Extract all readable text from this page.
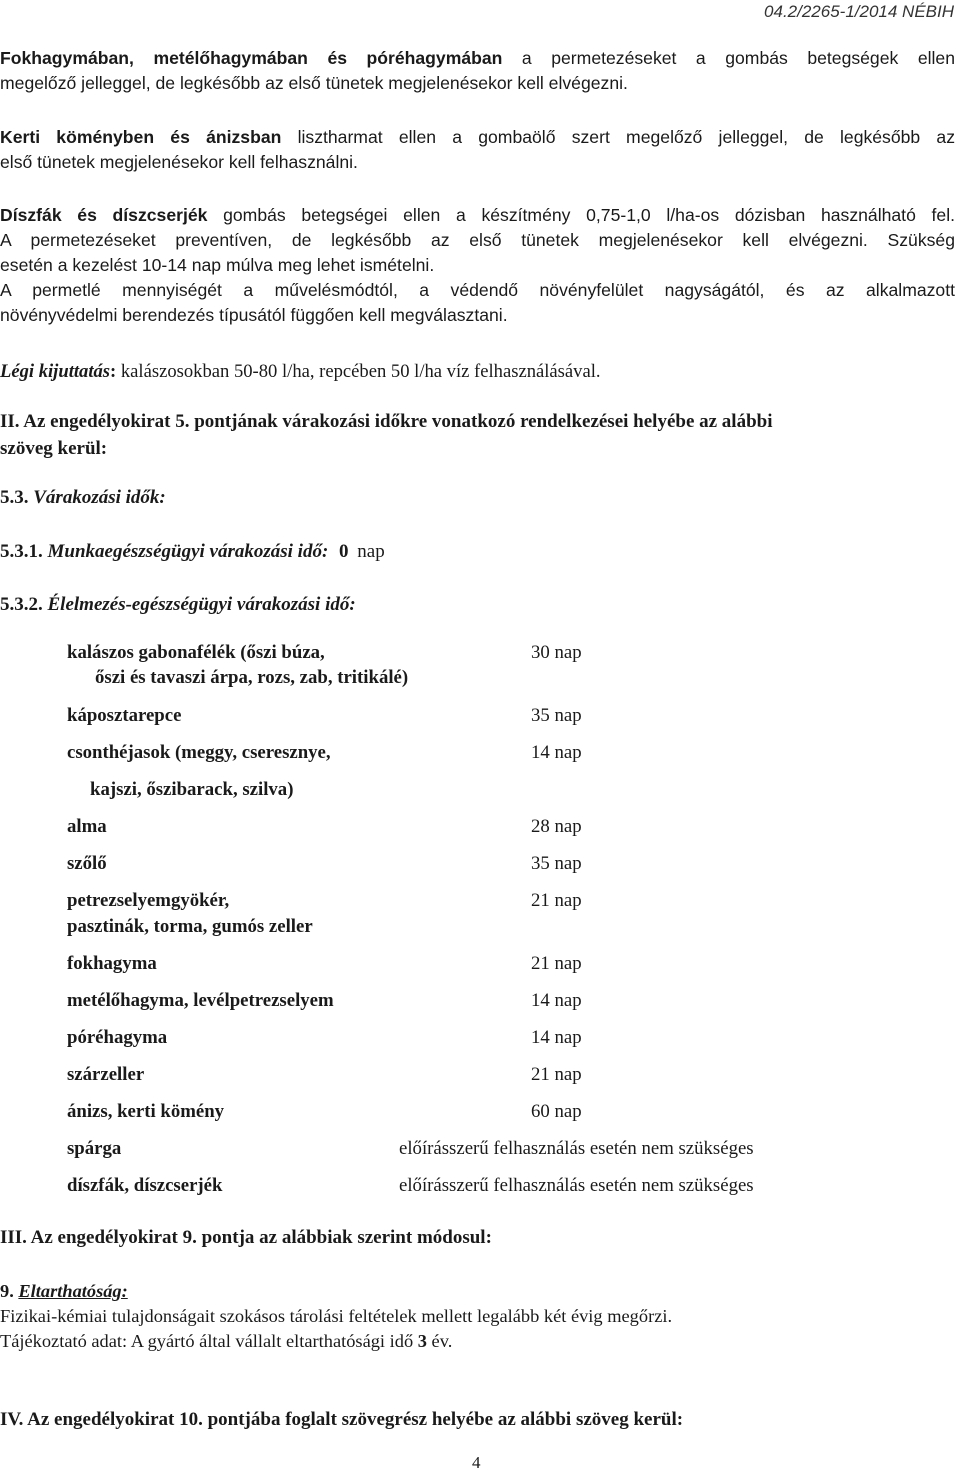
04.2/2265-1/2014 NÉBIH
Fokhagymában, metélőhagymában és póréhagymában a permetezéseket a gombás betegségek ellen
megelőző jelleggel, de legkésőbb az első tünetek megjelenésekor kell elvégezni.
Kerti köményben és ánizsban lisztharmat ellen a gombaölő szert megelőző jelleggel, de legkésőbb az
első tünetek megjelenésekor kell felhasználni.
Díszfák és díszcserjék gombás betegségei ellen a készítmény 0,75-1,0 l/ha-os dózisban használható fel.
A permetezéseket preventíven, de legkésőbb az első tünetek megjelenésekor kell elvégezni. Szükség
esetén a kezelést 10-14 nap múlva meg lehet ismételni.
A permetlé mennyiségét a művelésmódtól, a védendő növényfelület nagyságától, és az alkalmazott
növényvédelmi berendezés típusától függően kell megválasztani.
Légi kijuttatás: kalászosokban 50-80 l/ha, repcében 50 l/ha víz felhasználásával.
II. Az engedélyokirat 5. pontjának várakozási időkre vonatkozó rendelkezései helyébe az alábbi
szöveg kerül:
5.3. Várakozási idők:
5.3.1. Munkaegészségügyi várakozási idő: 0 nap
5.3.2. Élelmezés-egészségügyi várakozási idő:
kalászos gabonafélék (őszi búza,	30 nap
őszi és tavaszi árpa, rozs, zab, tritikálé)
káposztarepce	35 nap
csonthéjasok (meggy, cseresznye,	14 nap
kajszi, őszibarack, szilva)
alma	28 nap
szőlő	35 nap
petrezselyemgyökér,	21 nap
pasztinák, torma, gumós zeller
fokhagyma	21 nap
metélőhagyma, levélpetrezselyem	14 nap
póréhagyma	14 nap
szárzeller	21 nap
ánizs, kerti kömény	60 nap
spárga	előírásszerű felhasználás esetén nem szükséges
díszfák, díszcserjék	előírásszerű felhasználás esetén nem szükséges
III. Az engedélyokirat 9. pontja az alábbiak szerint módosul:
9. Eltarthatóság:
Fizikai-kémiai tulajdonságait szokásos tárolási feltételek mellett legalább két évig megőrzi.
Tájékoztató adat: A gyártó által vállalt eltarthatósági idő 3 év.
IV. Az engedélyokirat 10. pontjába foglalt szövegrész helyébe az alábbi szöveg kerül:
4
